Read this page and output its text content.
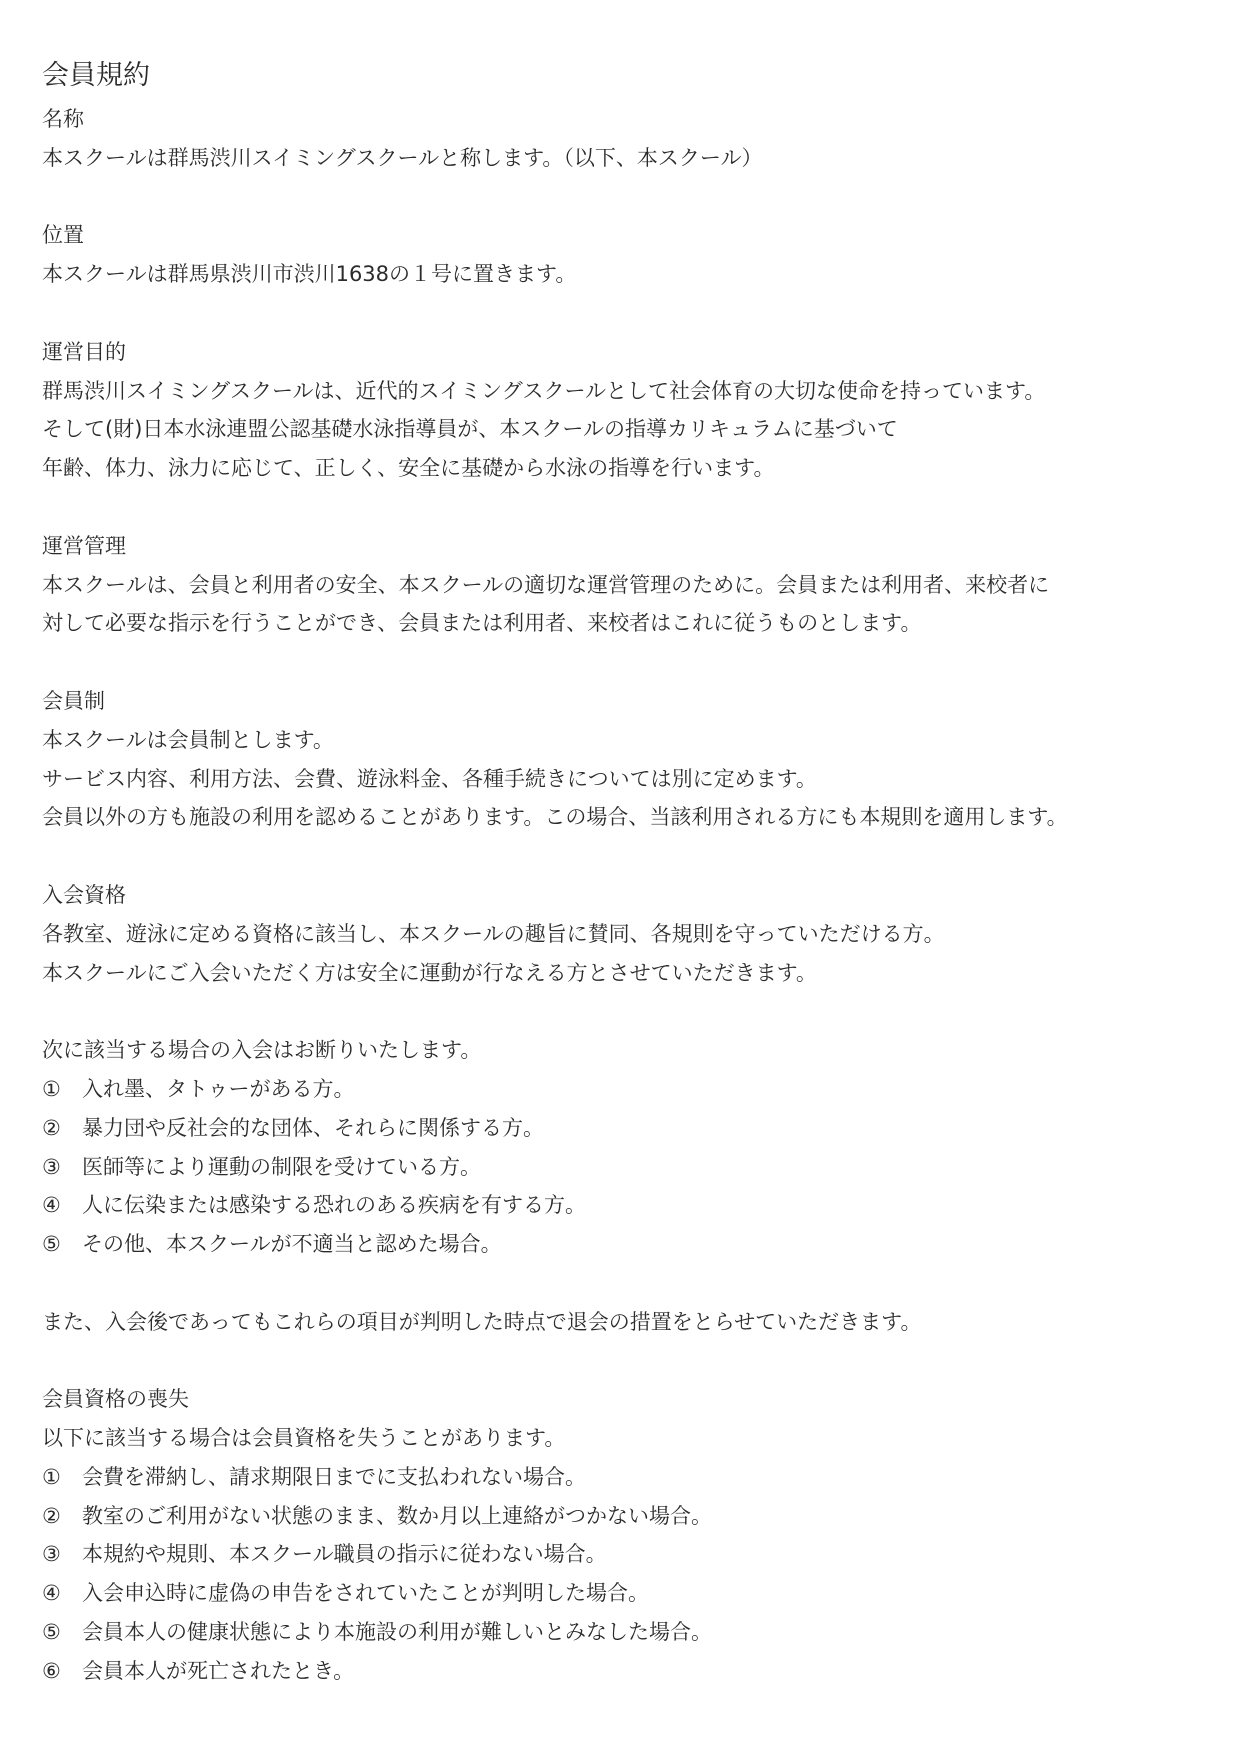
会員規約
名称
本スクールは群馬渋川スイミングスクールと称します。（以下、本スクール）
位置
本スクールは群馬県渋川市渋川1638の１号に置きます。
運営目的
群馬渋川スイミングスクールは、近代的スイミングスクールとして社会体育の大切な使命を持っています。
そして(財)日本水泳連盟公認基礎水泳指導員が、本スクールの指導カリキュラムに基づいて
年齢、体力、泳力に応じて、正しく、安全に基礎から水泳の指導を行います。
運営管理
本スクールは、会員と利用者の安全、本スクールの適切な運営管理のために。会員または利用者、来校者に
対して必要な指示を行うことができ、会員または利用者、来校者はこれに従うものとします。
会員制
本スクールは会員制とします。
サービス内容、利用方法、会費、遊泳料金、各種手続きについては別に定めます。
会員以外の方も施設の利用を認めることがあります。この場合、当該利用される方にも本規則を適用します。
入会資格
各教室、遊泳に定める資格に該当し、本スクールの趣旨に賛同、各規則を守っていただける方。
本スクールにご入会いただく方は安全に運動が行なえる方とさせていただきます。
次に該当する場合の入会はお断りいたします。
①	入れ墨、タトゥーがある方。
②	暴力団や反社会的な団体、それらに関係する方。
③	医師等により運動の制限を受けている方。
④	人に伝染または感染する恐れのある疾病を有する方。
⑤	その他、本スクールが不適当と認めた場合。
また、入会後であってもこれらの項目が判明した時点で退会の措置をとらせていただきます。
会員資格の喪失
以下に該当する場合は会員資格を失うことがあります。
①	会費を滞納し、請求期限日までに支払われない場合。
②	教室のご利用がない状態のまま、数か月以上連絡がつかない場合。
③	本規約や規則、本スクール職員の指示に従わない場合。
④	入会申込時に虚偽の申告をされていたことが判明した場合。
⑤	会員本人の健康状態により本施設の利用が難しいとみなした場合。
⑥	会員本人が死亡されたとき。
